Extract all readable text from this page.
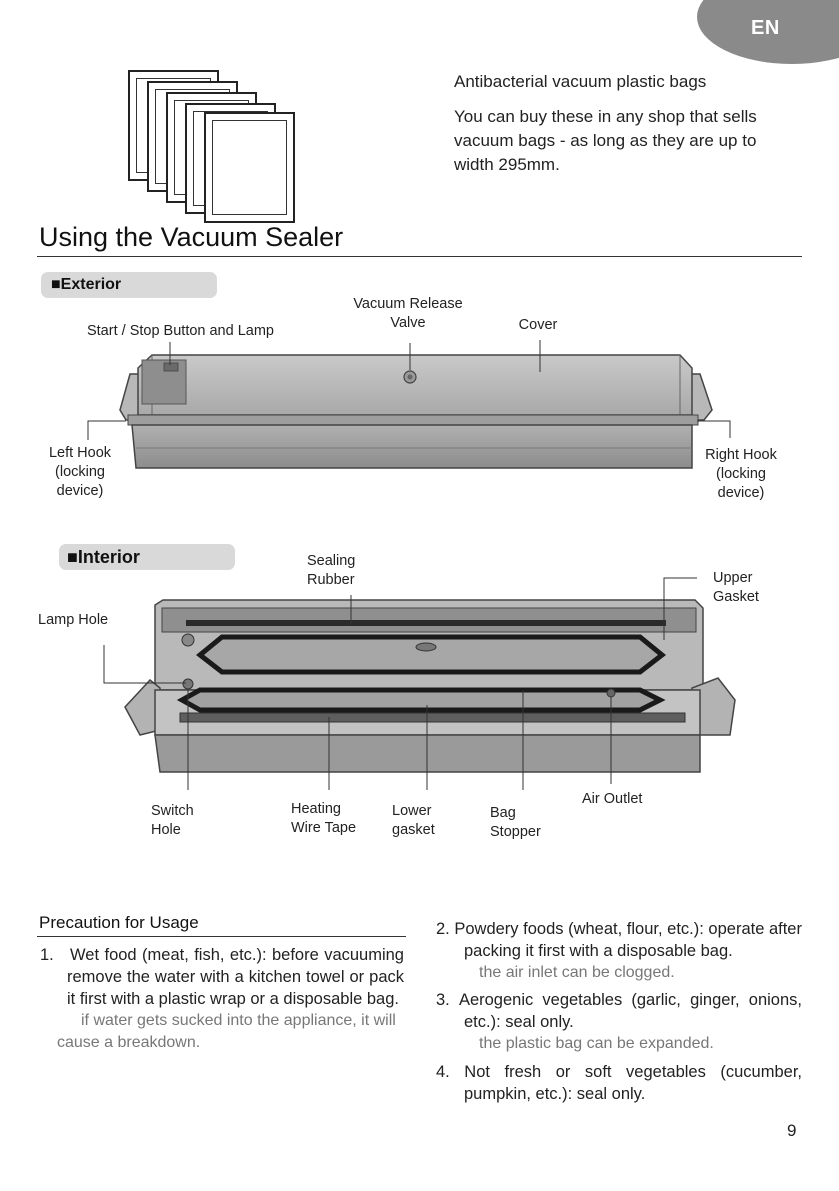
EN

Antibacterial vacuum plastic bags

You can buy these in any shop that sells

vacuum bags - as long as they are up to

width 295mm.

Using the Vacuum Sealer
■Exterior
Start / Stop Button and Lamp
Vacuum Release
Valve	Cover
Left Hook
(locking
device)
Right Hook
(locking
device)
■Interior	Sealing
Rubber	Upper
Gasket
Lamp Hole
Switch
Hole
Heating
Wire Tape
Lower
gasket
Bag
Stopper
Air Outlet
Precaution for Usage
1. Wet food (meat, fish, etc.): before vacuuming remove the water with a kitchen towel or pack it first with a plastic wrap or a disposable bag.
if water gets sucked into the appliance, it will cause a breakdown.
2. Powdery foods (wheat, flour, etc.): operate after packing it first with a disposable bag.
the air inlet can be clogged.
3. Aerogenic vegetables (garlic, ginger, onions, etc.): seal only.
the plastic bag can be expanded.
4. Not fresh or soft vegetables (cucumber, pumpkin, etc.): seal only.
9
